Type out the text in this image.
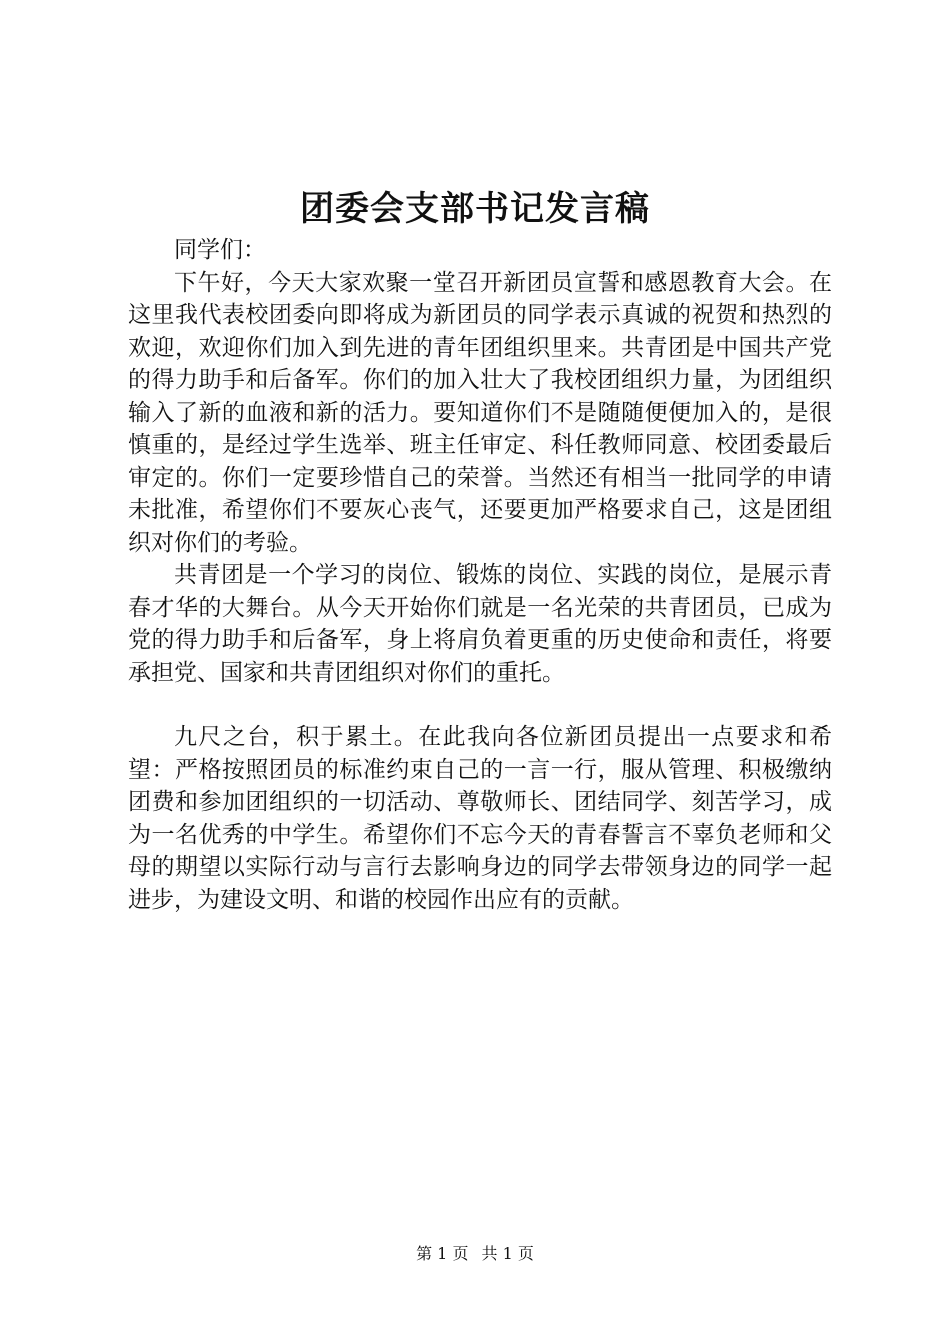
团委会支部书记发言稿

同学们：

下午好，今天大家欢聚一堂召开新团员宣誓和感恩教育大会。在这里我代表校团委向即将成为新团员的同学表示真诚的祝贺和热烈的欢迎，欢迎你们加入到先进的青年团组织里来。共青团是中国共产党的得力助手和后备军。你们的加入壮大了我校团组织力量，为团组织输入了新的血液和新的活力。要知道你们不是随随便便加入的，是很慎重的，是经过学生选举、班主任审定、科任教师同意、校团委最后审定的。你们一定要珍惜自己的荣誉。当然还有相当一批同学的申请未批准，希望你们不要灰心丧气，还要更加严格要求自己，这是团组织对你们的考验。

共青团是一个学习的岗位、锻炼的岗位、实践的岗位，是展示青春才华的大舞台。从今天开始你们就是一名光荣的共青团员，已成为党的得力助手和后备军，身上将肩负着更重的历史使命和责任，将要承担党、国家和共青团组织对你们的重托。

九尺之台，积于累土。在此我向各位新团员提出一点要求和希望：严格按照团员的标准约束自己的一言一行，服从管理、积极缴纳团费和参加团组织的一切活动、尊敬师长、团结同学、刻苦学习，成为一名优秀的中学生。希望你们不忘今天的青春誓言不辜负老师和父母的期望以实际行动与言行去影响身边的同学去带领身边的同学一起进步，为建设文明、和谐的校园作出应有的贡献。

第 1 页 共 1 页
